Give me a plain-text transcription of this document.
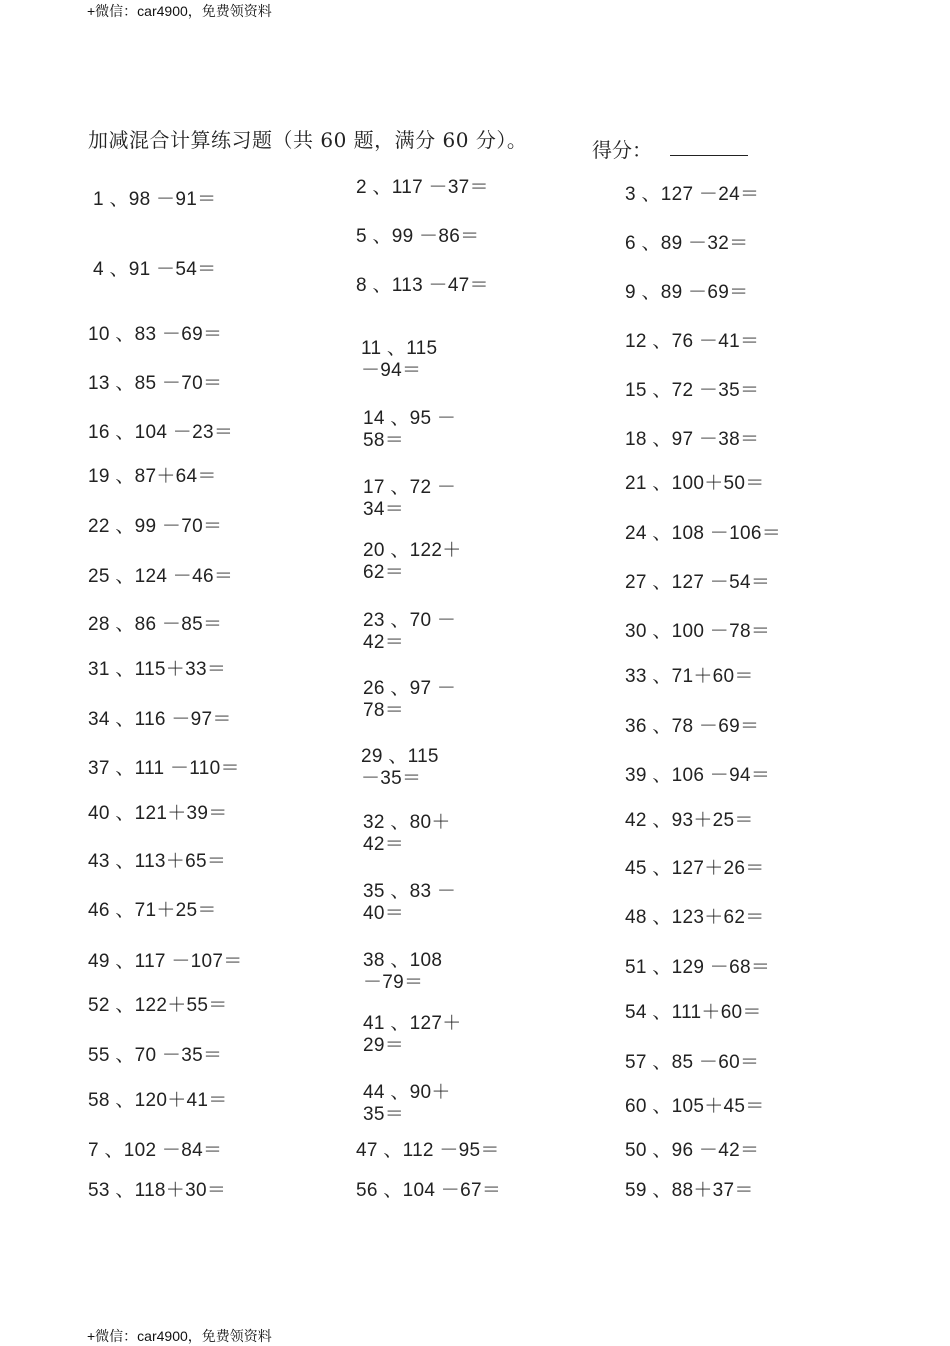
+微信：car4900，免费领资料
加减混合计算练习题（共 60 题，满分 60 分）。	得分：
1 、98 －91＝
4 、91 －54＝
10 、83 －69＝
13 、85 －70＝
16 、104 －23＝
19 、87＋64＝
22 、99 －70＝
25 、124 －46＝
28 、86 －85＝
31 、115＋33＝
34 、116 －97＝
37 、111 －110＝
40 、121＋39＝
43 、113＋65＝
46 、71＋25＝
49 、117 －107＝
52 、122＋55＝
55 、70 －35＝
58 、120＋41＝
2 、117 －37＝
5 、99 －86＝
8 、113 －47＝
11 、115 －94＝
14 、95 －58＝
17 、72 －34＝
20 、122＋62＝
23 、70 －42＝
26 、97 －78＝
29 、115 －35＝
32 、80＋42＝
35 、83 －40＝
38 、108 －79＝
41 、127＋29＝
44 、90＋35＝
3 、127 －24＝
6 、89 －32＝
9 、89 －69＝
12 、76 －41＝
15 、72 －35＝
18 、97 －38＝
21 、100＋50＝
24 、108 －106＝
27 、127 －54＝
30 、100 －78＝
33 、71＋60＝
36 、78 －69＝
39 、106 －94＝
42 、93＋25＝
45 、127＋26＝
48 、123＋62＝
51 、129 －68＝
54 、111＋60＝
57 、85 －60＝
60 、105＋45＝
7 、102 －84＝	47 、112 －95＝	50 、96 －42＝
53 、118＋30＝	56 、104 －67＝	59 、88＋37＝
+微信：car4900，免费领资料
